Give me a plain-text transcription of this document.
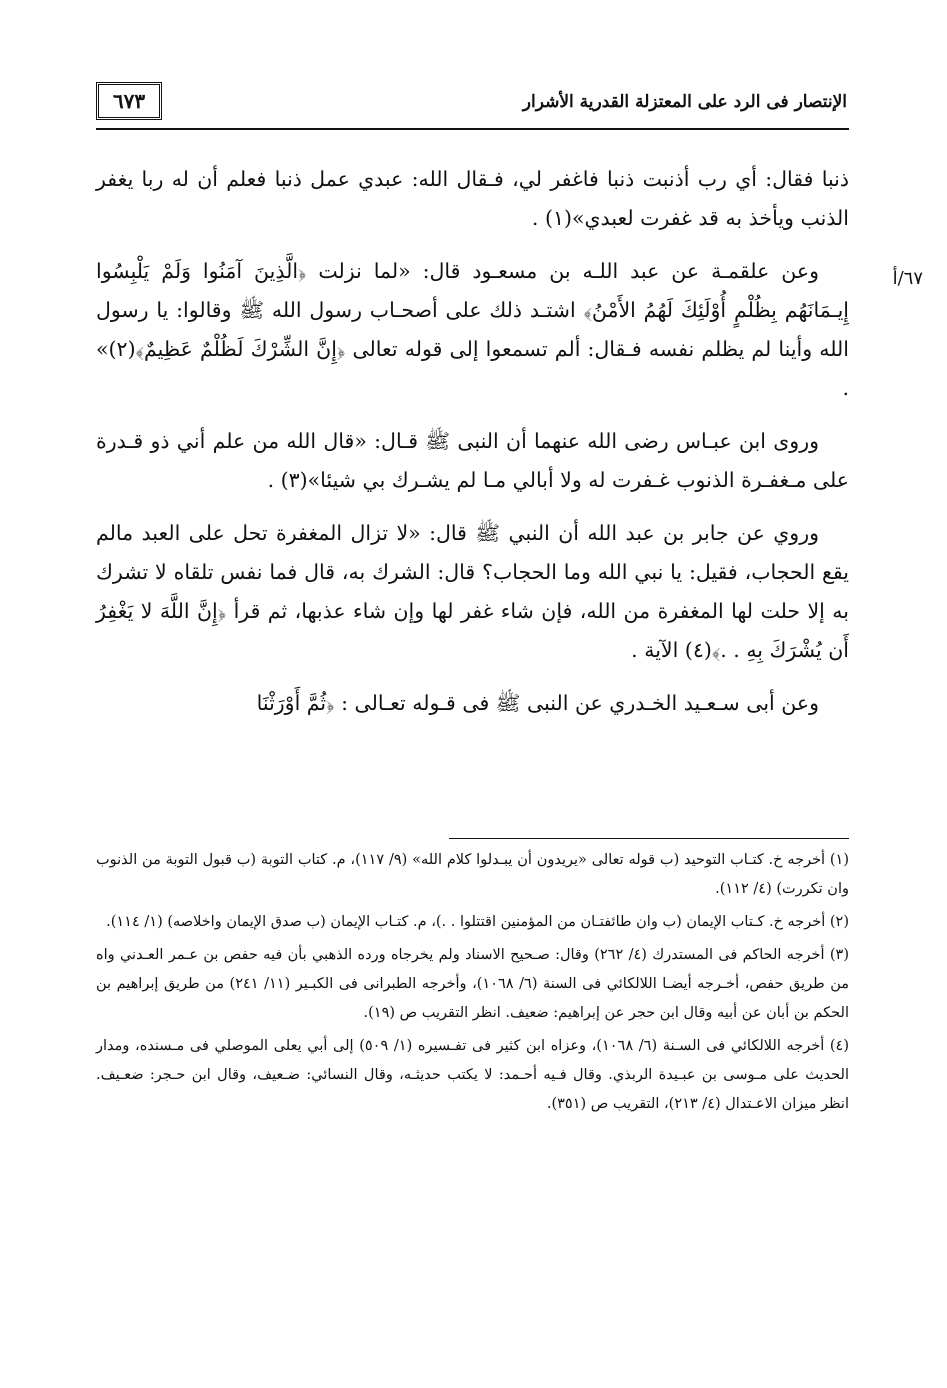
٦٧٣	الإنتصار فى الرد على المعتزلة القدرية الأشرار
٦٧/أ

ذنبا فقال: أي رب أذنبت ذنبا فاغفر لي، فـقال الله: عبدي عمل ذنبا فعلم أن له ربا يغفر الذنب ويأخذ به قد غفرت لعبدي»(١) .

وعن علقمـة عن عبد اللـه بن مسعـود قال: «لما نزلت ﴿الَّذِينَ آمَنُوا وَلَمْ يَلْبِسُوا إِيـمَانَهُم بِظُلْمٍ أُوْلَئِكَ لَهُمُ الأَمْنُ﴾ اشتـد ذلك على أصحـاب رسول الله ﷺ وقالوا: يا رسول الله وأينا لم يظلم نفسه فـقال: ألم تسمعوا إلى قوله تعالى ﴿إِنَّ الشِّرْكَ لَظُلْمٌ عَظِيمٌ﴾(٢)» .

وروى ابن عبـاس رضى الله عنهما أن النبى ﷺ قـال: «قال الله من علم أني ذو قـدرة على مـغفـرة الذنوب غـفرت له ولا أبالي مـا لم يشـرك بي شيئا»(٣) .

وروي عن جابر بن عبد الله أن النبي ﷺ قال: «لا تزال المغفرة تحل على العبد مالم يقع الحجاب، فقيل: يا نبي الله وما الحجاب؟ قال: الشرك به، قال فما نفس تلقاه لا تشرك به إلا حلت لها المغفرة من الله، فإن شاء غفر لها وإن شاء عذبها، ثم قرأ ﴿إِنَّ اللَّهَ لا يَغْفِرُ أَن يُشْرَكَ بِهِ . .﴾(٤) الآية .

وعن أبى سـعـيد الخـدري عن النبى ﷺ فى قـوله تعـالى : ﴿ثُمَّ أَوْرَثْنَا

(١) أخرجه خ. كتـاب التوحيد (ب قوله تعالى «يريدون أن يبـدلوا كلام الله» (٩/ ١١٧)، م. كتاب التوبة (ب قبول التوبة من الذنوب وان تكررت) (٤/ ١١٢).

(٢) أخرجه خ. كـتاب الإيمان (ب وان طائفتـان من المؤمنين اقتتلوا . .)، م. كتـاب الإيمان (ب صدق الإيمان واخلاصه) (١/ ١١٤).

(٣) أخرجه الحاكم فى المستدرك (٤/ ٢٦٢) وقال: صـحيح الاسناد ولم يخرجاه ورده الذهبي بأن فيه حفص بن عـمر العـدني واه من طريق حفص، أخـرجه أيضـا اللالكائي فى السنة (٦/ ١٠٦٨)، وأخرجه الطبرانى فى الكبـير (١١/ ٢٤١) من طريق إبراهيم بن الحكم بن أبان عن أبيه وقال ابن حجر عن إبراهيم: ضعيف. انظر التقريب ص (١٩).

(٤) أخرجه اللالكائي فى السـنة (٦/ ١٠٦٨)، وعزاه ابن كثير فى تفـسيره (١/ ٥٠٩) إلى أبي يعلى الموصلي فى مـسنده، ومدار الحديث على مـوسى بن عبـيدة الربذي. وقال فـيه أحـمد: لا يكتب حديثـه، وقال النسائي: ضـعيف، وقال ابن حـجر: ضعـيف. انظر ميزان الاعـتدال (٤/ ٢١٣)، التقريب ص (٣٥١).
